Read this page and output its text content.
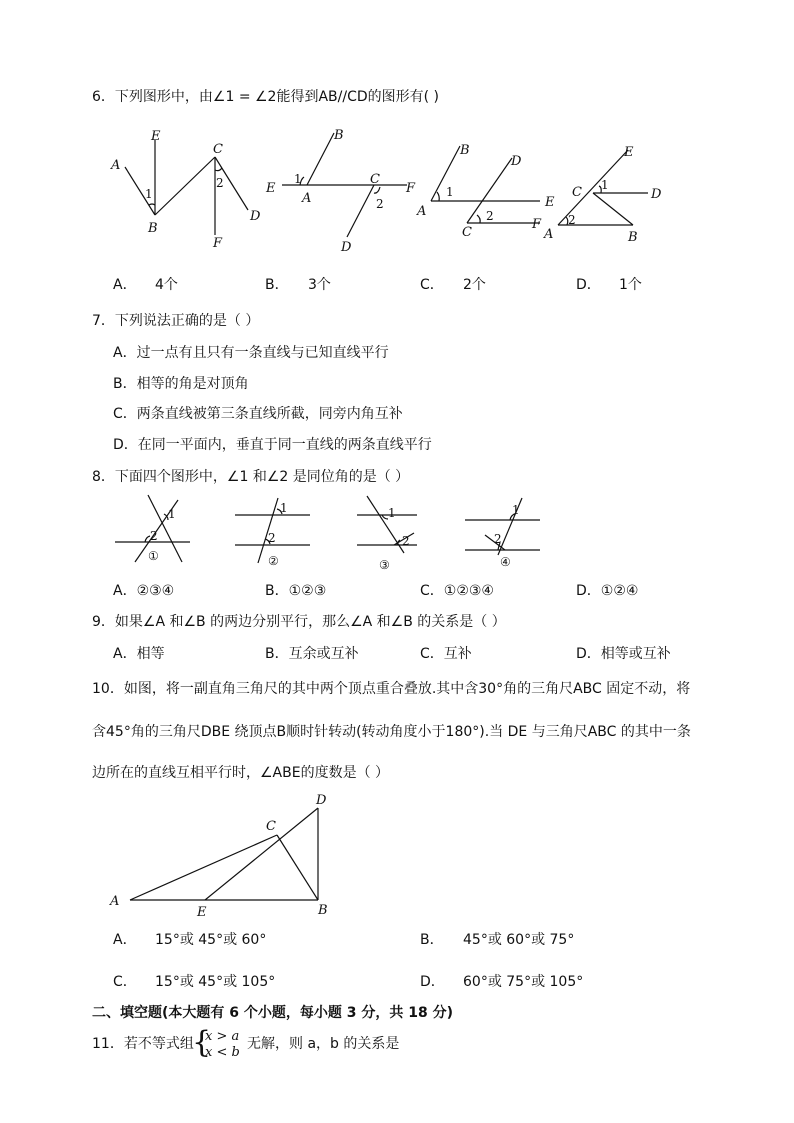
6．下列图形中，由∠1 = ∠2能得到AB//CD的图形有( )
A
E
1
B
C
2
F
D
B
E
1
A
C
2
F
D
B
D
1
A
E
2
F
C
E
C 1
D
2
A	B
A． 4个	B． 3个	C． 2个	D． 1个
7．下列说法正确的是（ ）
A．过一点有且只有一条直线与已知直线平行
B．相等的角是对顶角
C．两条直线被第三条直线所截，同旁内角互补
D．在同一平面内，垂直于同一直线的两条直线平行
8．下面四个图形中，∠1 和∠2 是同位角的是（ ）
1
2
①
1
2
②
1
2
③
1
2
④
A．②③④	B．①②③	C．①②③④	D．①②④
9．如果∠A 和∠B 的两边分别平行，那么∠A 和∠B 的关系是（ ）
A．相等	B．互余或互补	C．互补	D．相等或互补
10．如图，将一副直角三角尺的其中两个顶点重合叠放.其中含30°角的三角尺ABC 固定不动，将
含45°角的三角尺DBE 绕顶点B顺时针转动(转动角度小于180°).当 DE 与三角尺ABC 的其中一条
边所在的直线互相平行时，∠ABE的度数是（ ）
D
C
A
E	B
A． 15°或 45°或 60°	B． 45°或 60°或 75°
C． 15°或 45°或 105°	D． 60°或 75°或 105°
二、填空题(本大题有 6 个小题，每小题 3 分，共 18 分)
11．若不等式组
{
x > a
x < b
无解，则 a，b 的关系是
